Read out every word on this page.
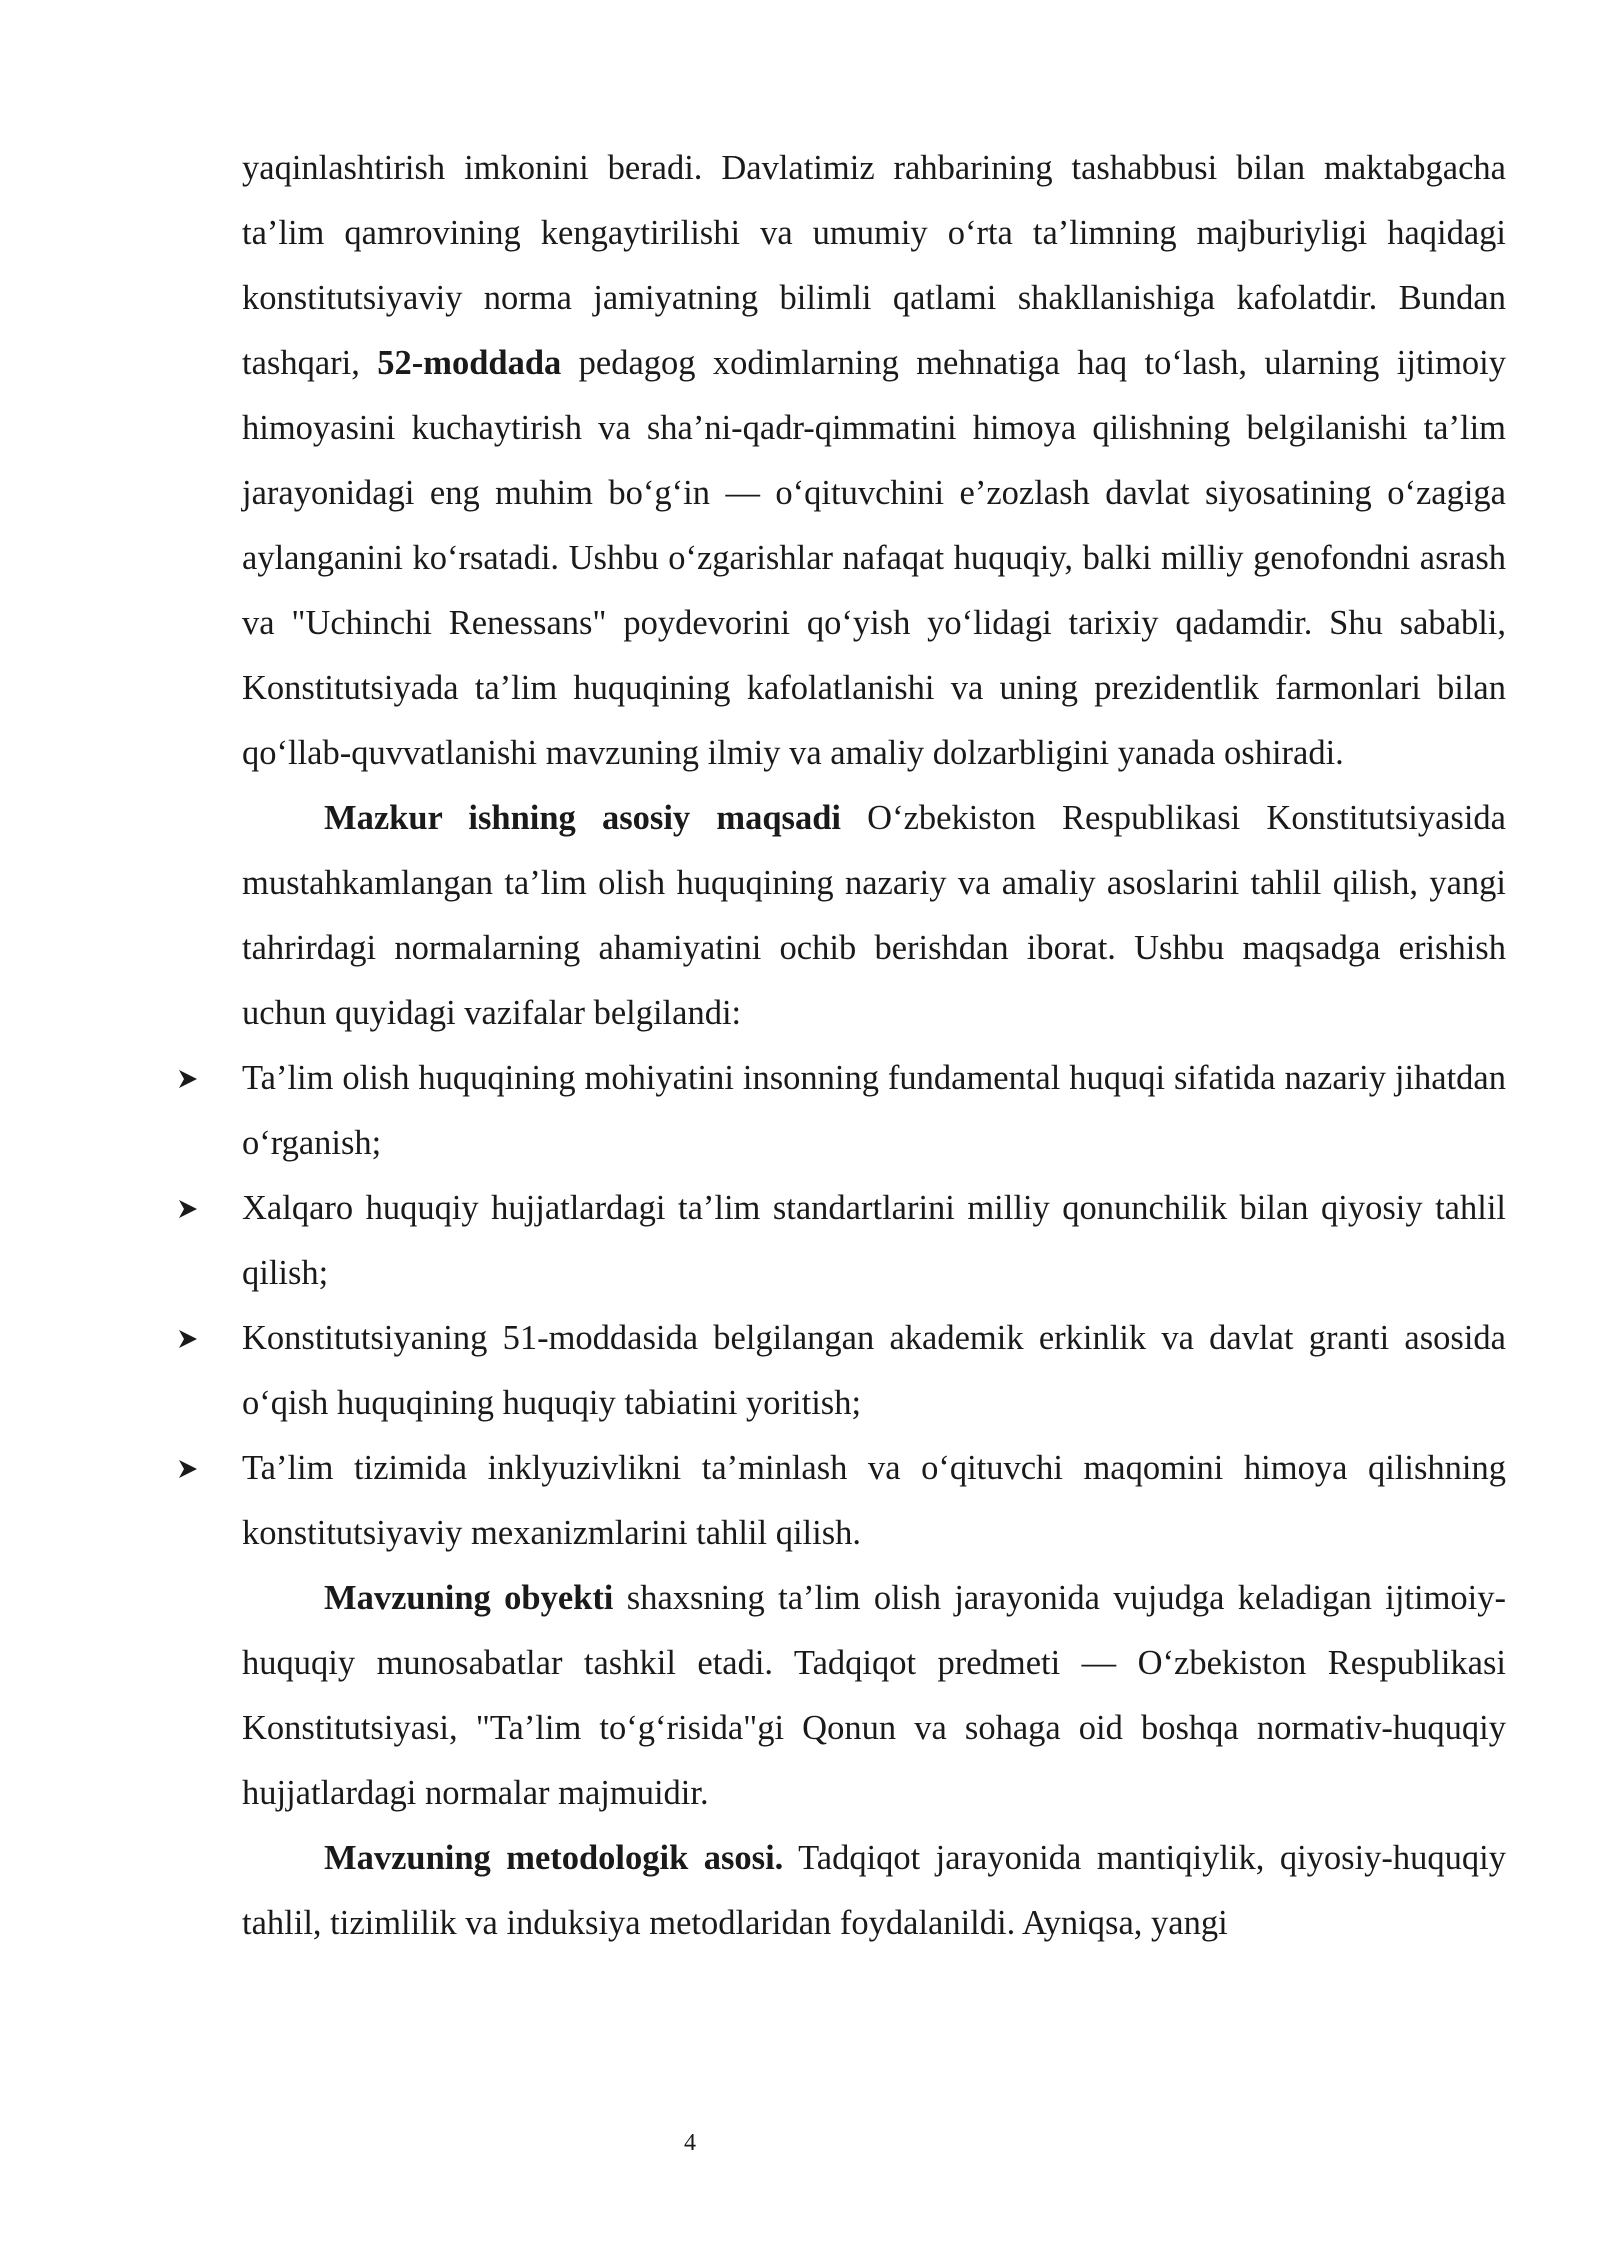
yaqinlashtirish imkonini beradi. Davlatimiz rahbarining tashabbusi bilan maktabgacha ta’lim qamrovining kengaytirilishi va umumiy o‘rta ta’limning majburiyligi haqidagi konstitutsiyaviy norma jamiyatning bilimli qatlami shakllanishiga kafolatdir. Bundan tashqari, 52-moddada pedagog xodimlarning mehnatiga haq to‘lash, ularning ijtimoiy himoyasini kuchaytirish va sha’ni-qadr-qimmatini himoya qilishning belgilanishi ta’lim jarayonidagi eng muhim bo‘g‘in — o‘qituvchini e’zozlash davlat siyosatining o‘zagiga aylanganini ko‘rsatadi. Ushbu o‘zgarishlar nafaqat huquqiy, balki milliy genofondni asrash va "Uchinchi Renessans" poydevorini qo‘yish yo‘lidagi tarixiy qadamdir. Shu sababli, Konstitutsiyada ta’lim huquqining kafolatlanishi va uning prezidentlik farmonlari bilan qo‘llab-quvvatlanishi mavzuning ilmiy va amaliy dolzarbligini yanada oshiradi.

Mazkur ishning asosiy maqsadi O‘zbekiston Respublikasi Konstitutsiyasida mustahkamlangan ta’lim olish huquqining nazariy va amaliy asoslarini tahlil qilish, yangi tahrirdagi normalarning ahamiyatini ochib berishdan iborat. Ushbu maqsadga erishish uchun quyidagi vazifalar belgilandi:

Ta’lim olish huquqining mohiyatini insonning fundamental huquqi sifatida nazariy jihatdan o‘rganish;
Xalqaro huquqiy hujjatlardagi ta’lim standartlarini milliy qonunchilik bilan qiyosiy tahlil qilish;
Konstitutsiyaning 51-moddasida belgilangan akademik erkinlik va davlat granti asosida o‘qish huquqining huquqiy tabiatini yoritish;
Ta’lim tizimida inklyuzivlikni ta’minlash va o‘qituvchi maqomini himoya qilishning konstitutsiyaviy mexanizmlarini tahlil qilish.

Mavzuning obyekti shaxsning ta’lim olish jarayonida vujudga keladigan ijtimoiy-huquqiy munosabatlar tashkil etadi. Tadqiqot predmeti — O‘zbekiston Respublikasi Konstitutsiyasi, "Ta’lim to‘g‘risida"gi Qonun va sohaga oid boshqa normativ-huquqiy hujjatlardagi normalar majmuidir.

Mavzuning metodologik asosi. Tadqiqot jarayonida mantiqiylik, qiyosiy-huquqiy tahlil, tizimlilik va induksiya metodlaridan foydalanildi. Ayniqsa, yangi

4
